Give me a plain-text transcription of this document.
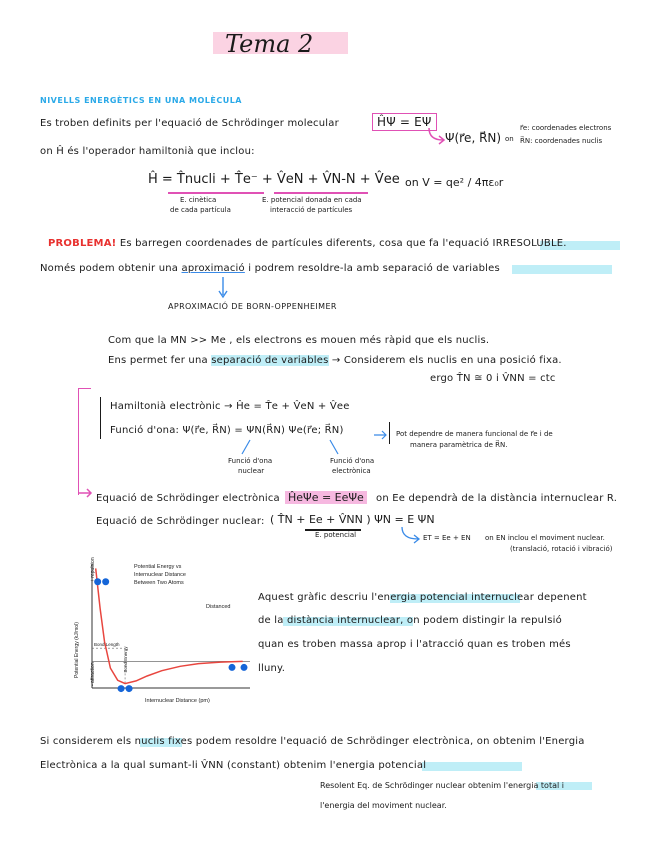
Tema 2
NIVELLS ENERGÈTICS EN UNA MOLÈCULA
Es troben definits per l'equació de Schrödinger molecular	ĤΨ = EΨ
Ψ(r⃗e, R⃗N) on
r⃗e: coordenades electrons
R⃗N: coordenades nuclis
on Ĥ és l'operador hamiltonià que inclou:
Ĥ = T̂nucli + T̂e⁻ + V̂eN + V̂N-N + V̂ee on V = qe² / 4πε₀r
E. cinètica
de cada partícula
E. potencial donada en cada
interacció de partícules
PROBLEMA! Es barregen coordenades de partícules diferents, cosa que fa l'equació IRRESOLUBLE.
Només podem obtenir una aproximació i podrem resoldre-la amb separació de variables
APROXIMACIÓ DE BORN-OPPENHEIMER
Com que la MN >> Me , els electrons es mouen més ràpid que els nuclis.
Ens permet fer una separació de variables → Considerem els nuclis en una posició fixa.
ergo T̂N ≅ 0 i V̂NN = ctc
Hamiltonià electrònic → Ĥe = T̂e + V̂eN + V̂ee
Funció d'ona: Ψ(r⃗e, R⃗N) = ΨN(R⃗N) Ψe(r⃗e; R⃗N)	Pot dependre de manera funcional de r⃗e i de
manera paramètrica de R⃗N.
Funció d'ona
nuclear
Funció d'ona
electrònica
Equació de Schrödinger electrònica ĤeΨe = EeΨe	on Ee dependrà de la distància internuclear R.
Equació de Schrödinger nuclear: ( T̂N + Ee + V̂NN ) ΨN = E ΨN
E. potencial	ET = Ee + EN on EN inclou el moviment nuclear.
(translació, rotació i vibració)
Potential Energy vs
Internuclear Distance
Between Two Atoms
Internuclear Distance (pm)
Potential Energy (kJ/mol)
+ repulsion
- attraction
Bond Length
Bond Energy
Distanced
Aquest gràfic descriu l'energia potencial internuclear depenent
de la distància internuclear, on podem distingir la repulsió
quan es troben massa aprop i l'atracció quan es troben més
lluny.
Si considerem els nuclis fixes podem resoldre l'equació de Schrödinger electrònica, on obtenim l'Energia
Electrònica a la qual sumant-li V̂NN (constant) obtenim l'energia potencial
Resolent Eq. de Schrödinger nuclear obtenim l'energia total i
l'energia del moviment nuclear.
